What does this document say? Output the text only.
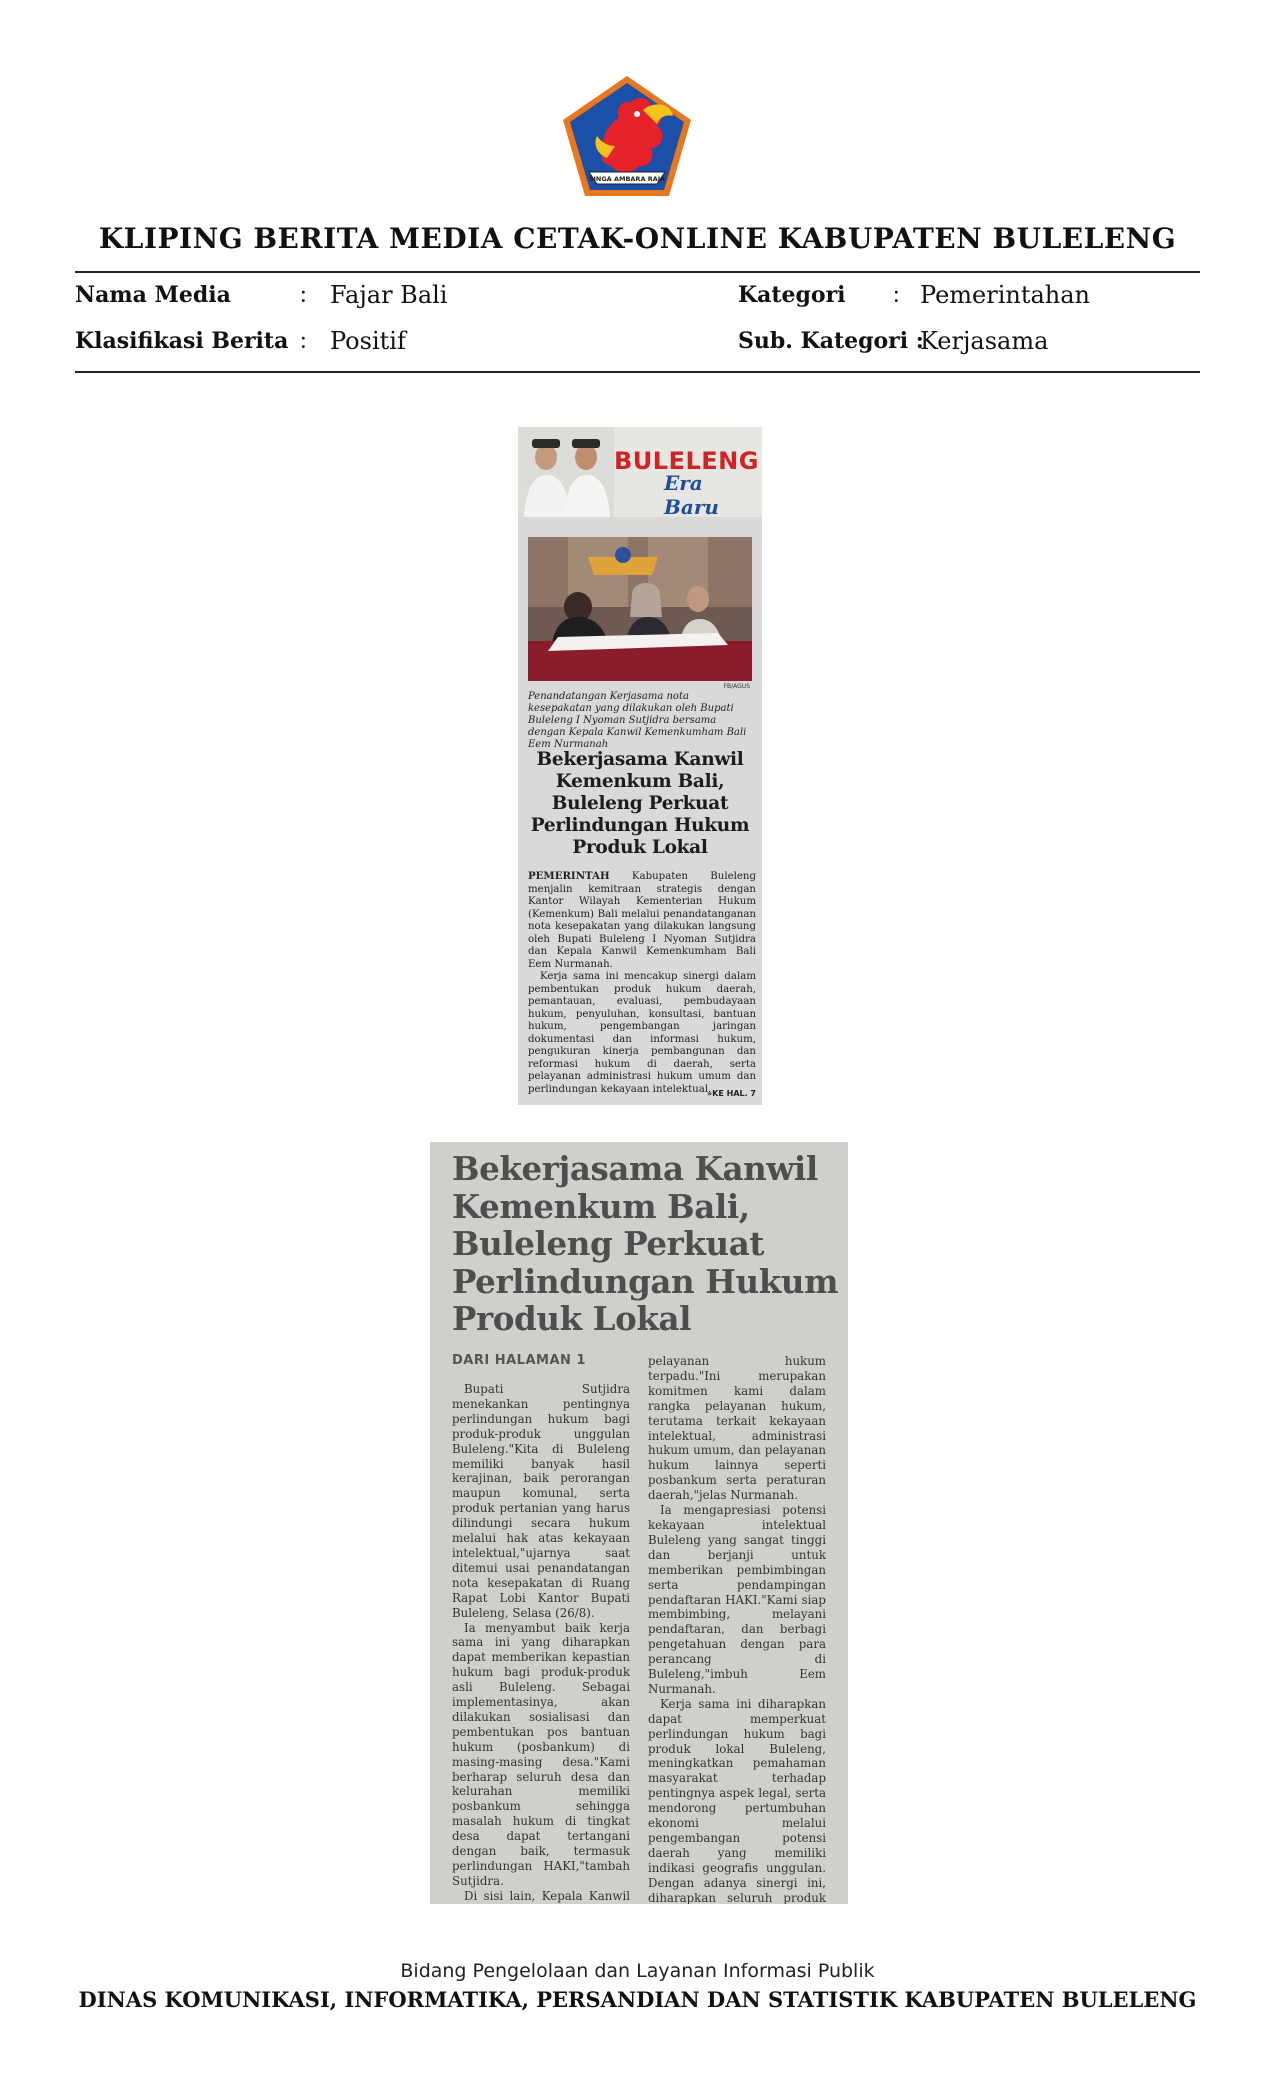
SINGA AMBARA RAJA
KLIPING BERITA MEDIA CETAK-ONLINE KABUPATEN BULELENG
Nama Media	: Fajar Bali
Klasifikasi Berita : Positif
Kategori : Pemerintahan
Sub. Kategori :
Kerjasama
BULELENG
Era Baru
FB/AGUS
Penandatangan Kerjasama nota kesepakatan yang dilakukan oleh Bupati Buleleng I Nyoman Sutjidra bersama dengan Kepala Kanwil Kemenkumham Bali Eem Nurmanah
Bekerjasama Kanwil Kemenkum Bali, Buleleng Perkuat Perlindungan Hukum Produk Lokal

PEMERINTAH Kabupaten Buleleng menjalin kemitraan strategis dengan Kantor Wilayah Kementerian Hukum (Kemenkum) Bali melalui penandatanganan nota kesepakatan yang dilakukan langsung oleh Bupati Buleleng I Nyoman Sutjidra dan Kepala Kanwil Kemenkumham Bali Eem Nurmanah.

Kerja sama ini mencakup sinergi dalam pembentukan produk hukum daerah, pemantauan, evaluasi, pembudayaan hukum, penyuluhan, konsultasi, bantuan hukum, pengembangan jaringan dokumentasi dan informasi hukum, pengukuran kinerja pembangunan dan reformasi hukum di daerah, serta pelayanan administrasi hukum umum dan perlindungan kekayaan intelektual.

»KE HAL. 7
Bekerjasama Kanwil Kemenkum Bali, Buleleng Perkuat Perlindungan Hukum Produk Lokal
DARI HALAMAN 1

Bupati Sutjidra menekankan pentingnya perlindungan hukum bagi produk-produk unggulan Buleleng."Kita di Buleleng memiliki banyak hasil kerajinan, baik perorangan maupun komunal, serta produk pertanian yang harus dilindungi secara hukum melalui hak atas kekayaan intelektual,"ujarnya saat ditemui usai penandatangan nota kesepakatan di Ruang Rapat Lobi Kantor Bupati Buleleng, Selasa (26/8).

Ia menyambut baik kerja sama ini yang diharapkan dapat memberikan kepastian hukum bagi produk-produk asli Buleleng. Sebagai implementasinya, akan dilakukan sosialisasi dan pembentukan pos bantuan hukum (posbankum) di masing-masing desa."Kami berharap seluruh desa dan kelurahan memiliki posbankum sehingga masalah hukum di tingkat desa dapat tertangani dengan baik, termasuk perlindungan HAKI,"tambah Sutjidra.

Di sisi lain, Kepala Kanwil

pelayanan hukum terpadu."Ini merupakan komitmen kami dalam rangka pelayanan hukum, terutama terkait kekayaan intelektual, administrasi hukum umum, dan pelayanan hukum lainnya seperti posbankum serta peraturan daerah,"jelas Nurmanah.

Ia mengapresiasi potensi kekayaan intelektual Buleleng yang sangat tinggi dan berjanji untuk memberikan pembimbingan serta pendampingan pendaftaran HAKI."Kami siap membimbing, melayani pendaftaran, dan berbagi pengetahuan dengan para perancang di Buleleng,"imbuh Eem Nurmanah.

Kerja sama ini diharapkan dapat memperkuat perlindungan hukum bagi produk lokal Buleleng, meningkatkan pemahaman masyarakat terhadap pentingnya aspek legal, serta mendorong pertumbuhan ekonomi melalui pengembangan potensi daerah yang memiliki indikasi geografis unggulan. Dengan adanya sinergi ini, diharapkan seluruh produk

Bidang Pengelolaan dan Layanan Informasi Publik
DINAS KOMUNIKASI, INFORMATIKA, PERSANDIAN DAN STATISTIK KABUPATEN BULELENG
